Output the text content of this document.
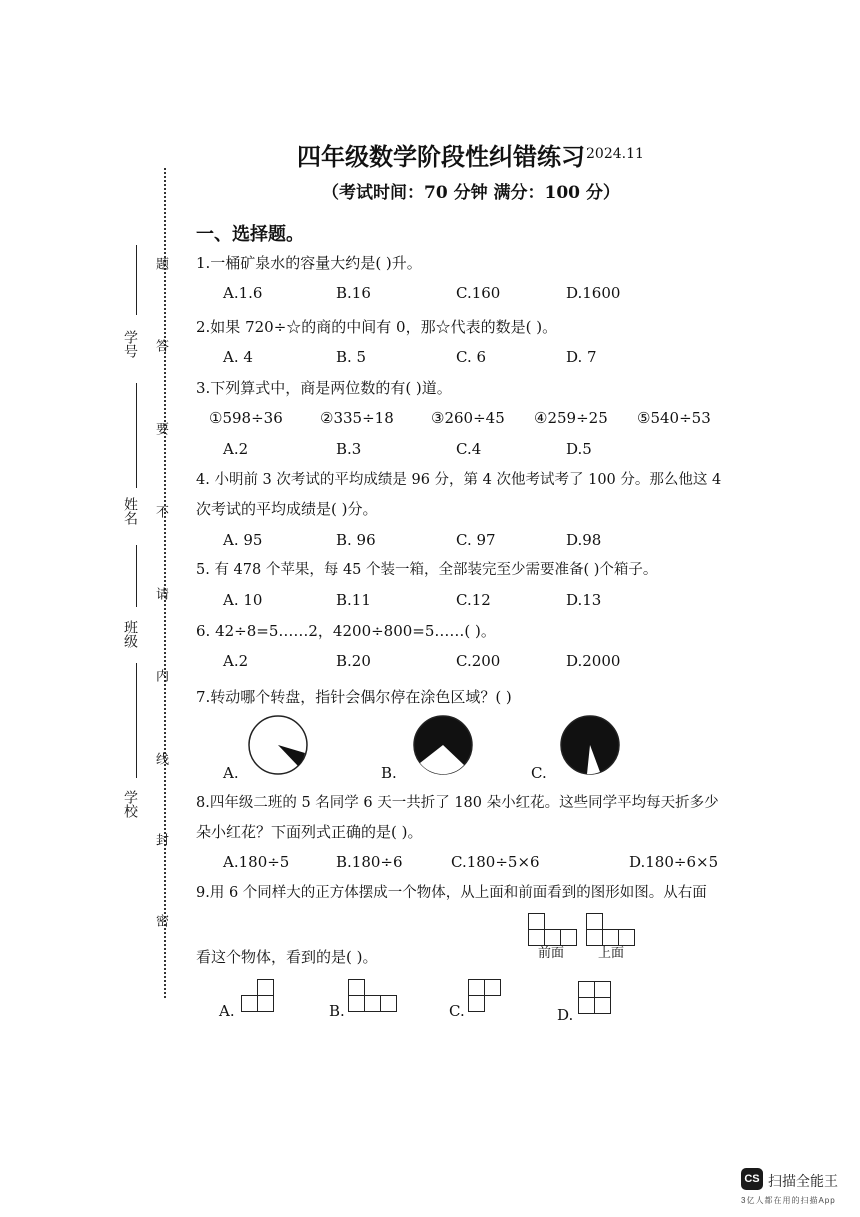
学号
姓名
班级
学校
题
答
要
不
请
内
线
封
密
四年级数学阶段性纠错练习 2024.11
（考试时间：70 分钟 满分：100 分）
一、选择题。
1.一桶矿泉水的容量大约是( )升。
A.1.6	B.16	C.160	D.1600
2.如果 720÷☆的商的中间有 0，那☆代表的数是( )。
A. 4	B. 5	C. 6	D. 7
3.下列算式中，商是两位数的有( )道。
①598÷36 ②335÷18 ③260÷45 ④259÷25 ⑤540÷53
A.2	B.3	C.4	D.5
4. 小明前 3 次考试的平均成绩是 96 分，第 4 次他考试考了 100 分。那么他这 4
次考试的平均成绩是( )分。
A. 95	B. 96	C. 97	D.98
5. 有 478 个苹果，每 45 个装一箱，全部装完至少需要准备( )个箱子。
A. 10	B.11	C.12	D.13
6. 42÷8=5……2，4200÷800=5……( )。
A.2	B.20	C.200	D.2000
7.转动哪个转盘，指针会偶尔停在涂色区域？( )
A.	B.	C.
8.四年级二班的 5 名同学 6 天一共折了 180 朵小红花。这些同学平均每天折多少
朵小红花？下面列式正确的是( )。
A.180÷5	B.180÷6	C.180÷5×6	D.180÷6×5
9.用 6 个同样大的正方体摆成一个物体，从上面和前面看到的图形如图。从右面
前面	上面
看这个物体，看到的是( )。
A.	B.	C.	D.
CS 扫描全能王
3亿人都在用的扫描App
